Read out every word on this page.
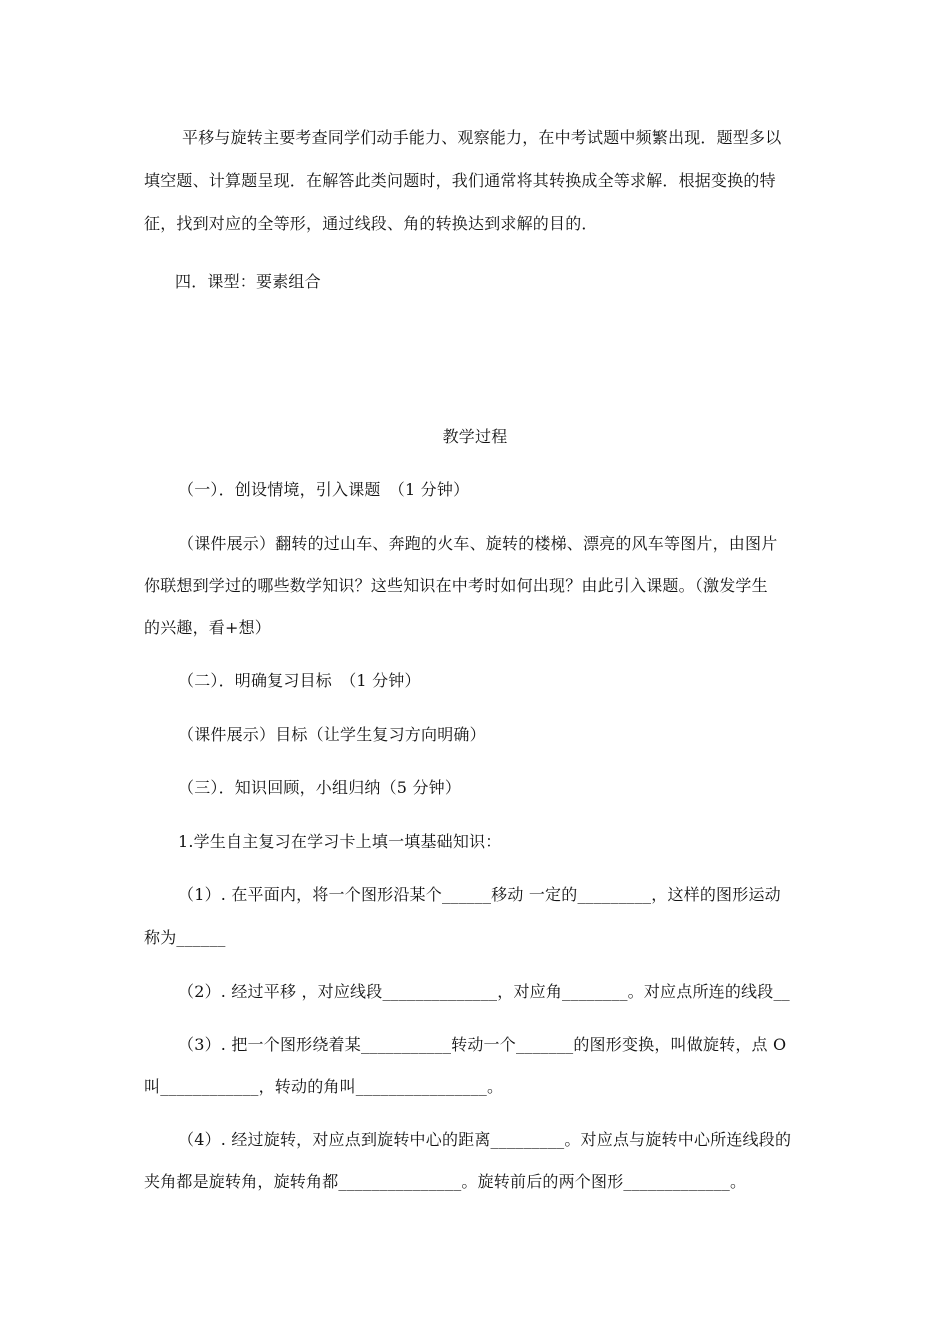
平移与旋转主要考查同学们动手能力、观察能力，在中考试题中频繁出现．题型多以
填空题、计算题呈现．在解答此类问题时，我们通常将其转换成全等求解．根据变换的特
征，找到对应的全等形，通过线段、角的转换达到求解的目的．
四．课型：要素组合
教学过程
（一）．创设情境，引入课题　（1 分钟）
（课件展示）翻转的过山车、奔跑的火车、旋转的楼梯、漂亮的风车等图片，由图片
你联想到学过的哪些数学知识？这些知识在中考时如何出现？由此引入课题。（激发学生
的兴趣，看+想）
（二）．明确复习目标　（1 分钟）
（课件展示）目标（让学生复习方向明确）
（三）．知识回顾，小组归纳（5 分钟）
1.学生自主复习在学习卡上填一填基础知识：
（1）. 在平面内，将一个图形沿某个______移动 一定的_________，这样的图形运动
称为______
（2）. 经过平移 ，对应线段______________，对应角________。对应点所连的线段__
（3）. 把一个图形绕着某___________转动一个_______的图形变换，叫做旋转，点 O
叫____________，转动的角叫________________。
（4）. 经过旋转，对应点到旋转中心的距离_________。对应点与旋转中心所连线段的
夹角都是旋转角，旋转角都_______________。旋转前后的两个图形_____________。
